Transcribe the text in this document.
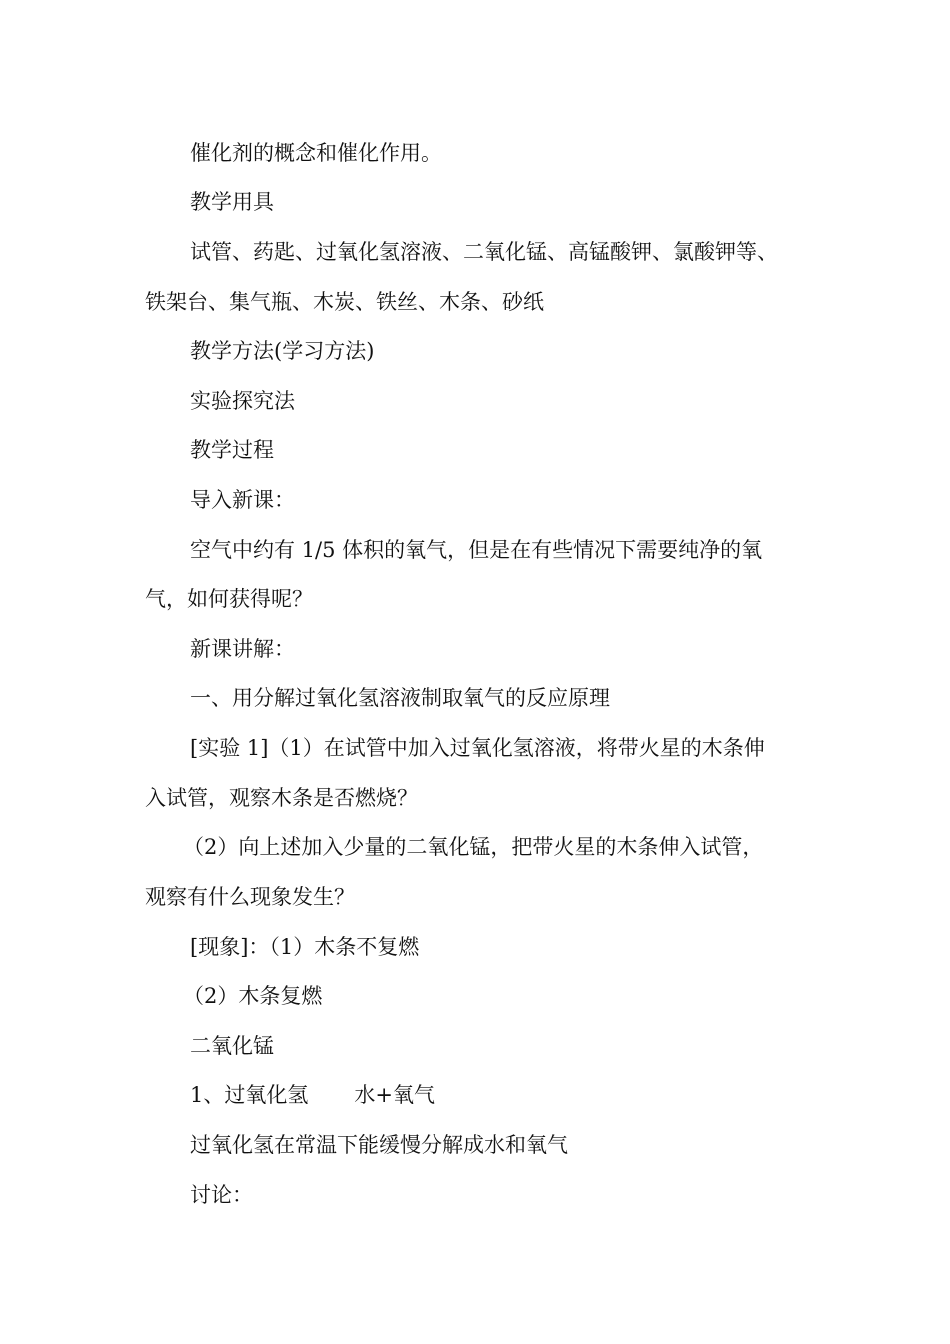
催化剂的概念和催化作用。
教学用具
试管、药匙、过氧化氢溶液、二氧化锰、高锰酸钾、氯酸钾等、
铁架台、集气瓶、木炭、铁丝、木条、砂纸
教学方法(学习方法)
实验探究法
教学过程
导入新课：
空气中约有 1/5 体积的氧气，但是在有些情况下需要纯净的氧
气，如何获得呢？
新课讲解：
一、用分解过氧化氢溶液制取氧气的反应原理
[实验 1]（1）在试管中加入过氧化氢溶液，将带火星的木条伸
入试管，观察木条是否燃烧？
（2）向上述加入少量的二氧化锰，把带火星的木条伸入试管，
观察有什么现象发生？
[现象]：（1）木条不复燃
（2）木条复燃
二氧化锰
1、过氧化氢 水+氧气
过氧化氢在常温下能缓慢分解成水和氧气
讨论：
